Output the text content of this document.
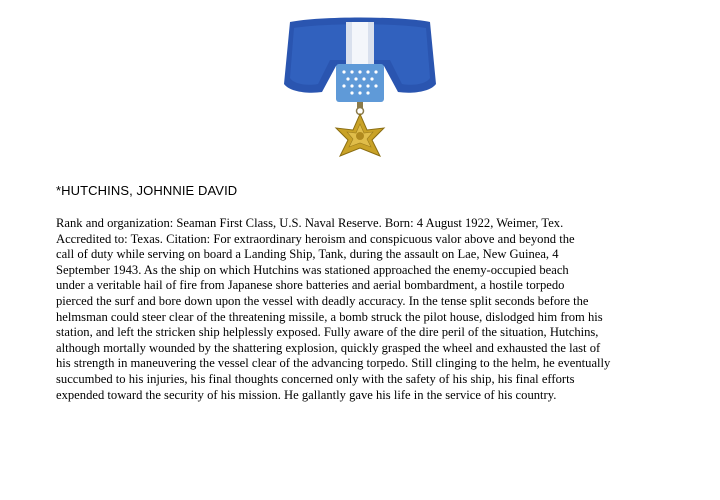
*HUTCHINS, JOHNNIE DAVID
Rank and organization: Seaman First Class, U.S. Naval Reserve. Born: 4 August 1922, Weimer, Tex.
Accredited to: Texas. Citation: For extraordinary heroism and conspicuous valor above and beyond the
call of duty while serving on board a Landing Ship, Tank, during the assault on Lae, New Guinea, 4
September 1943. As the ship on which Hutchins was stationed approached the enemy-occupied beach
under a veritable hail of fire from Japanese shore batteries and aerial bombardment, a hostile torpedo
pierced the surf and bore down upon the vessel with deadly accuracy. In the tense split seconds before the
helmsman could steer clear of the threatening missile, a bomb struck the pilot house, dislodged him from his
station, and left the stricken ship helplessly exposed. Fully aware of the dire peril of the situation, Hutchins,
although mortally wounded by the shattering explosion, quickly grasped the wheel and exhausted the last of
his strength in maneuvering the vessel clear of the advancing torpedo. Still clinging to the helm, he eventually
succumbed to his injuries, his final thoughts concerned only with the safety of his ship, his final efforts
expended toward the security of his mission. He gallantly gave his life in the service of his country.
